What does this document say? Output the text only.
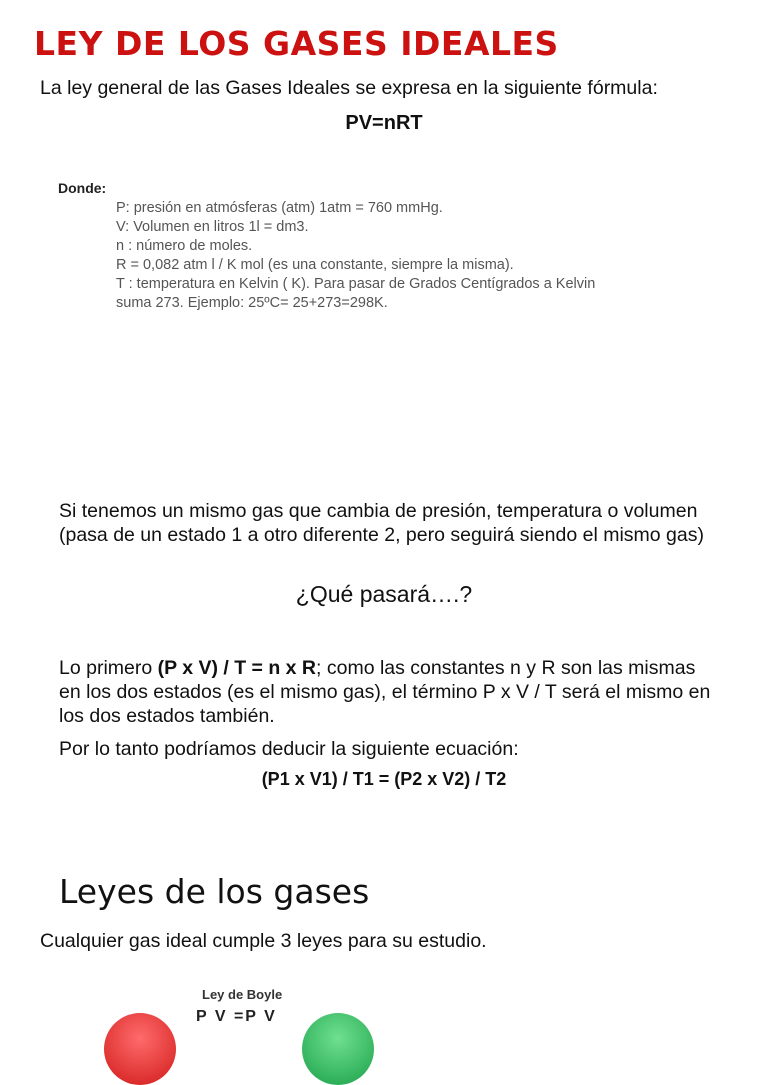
LEY DE LOS GASES IDEALES
La ley general de las Gases Ideales se expresa en la siguiente fórmula:
PV=nRT
Donde:
P: presión en atmósferas (atm) 1atm = 760 mmHg.
V: Volumen en litros 1l = dm3.
n : número de moles.
R = 0,082 atm l / K mol (es una constante, siempre la misma).
T : temperatura en Kelvin ( K). Para pasar de Grados Centígrados a Kelvin
suma 273. Ejemplo: 25ºC= 25+273=298K.
Si tenemos un mismo gas que cambia de presión, temperatura o volumen (pasa de un estado 1 a otro diferente 2, pero seguirá siendo el mismo gas)
¿Qué pasará….?
Lo primero (P x V) / T = n x R; como las constantes n y R son las mismas en los dos estados (es el mismo gas), el término P x V / T será el mismo en los dos estados también.
Por lo tanto podríamos deducir la siguiente ecuación:
(P1 x V1) / T1 = (P2 x V2) / T2
Leyes de los gases
Cualquier gas ideal cumple 3 leyes para su estudio.
Ley de Boyle
P V =P V
